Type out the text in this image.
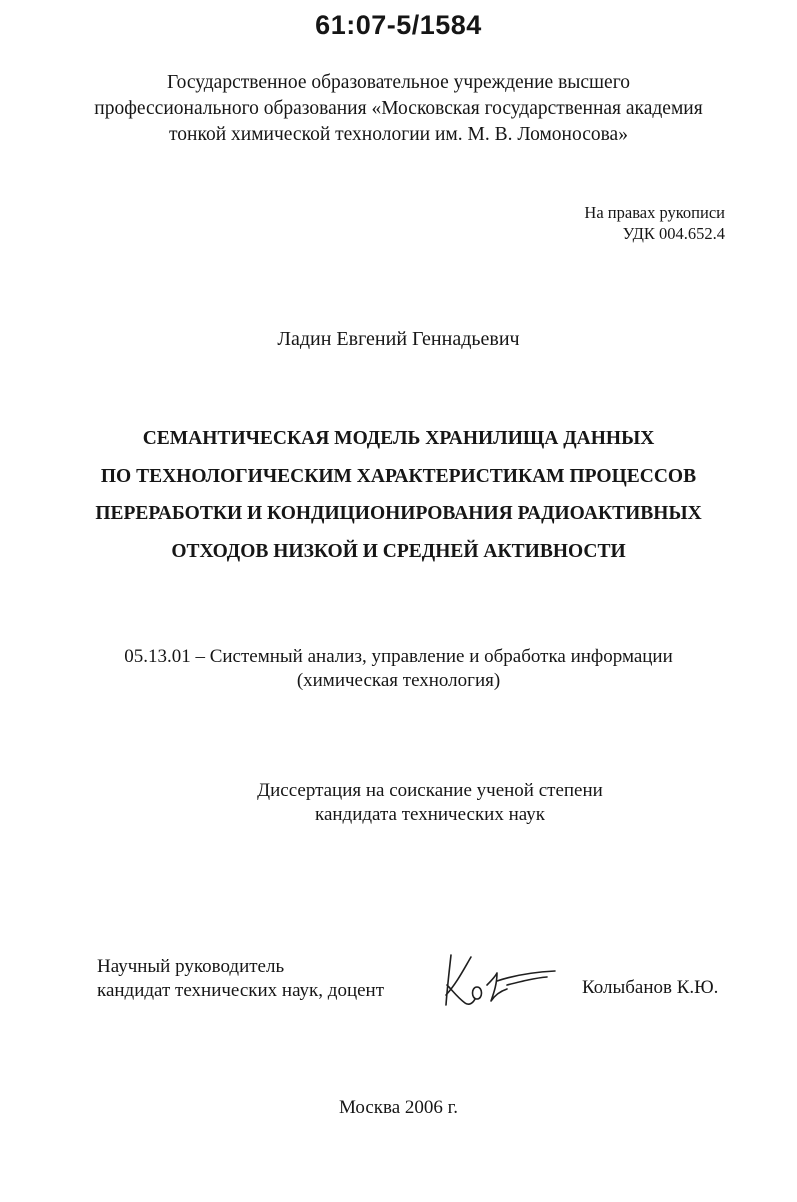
61:07-5/1584
Государственное образовательное учреждение высшего
профессионального образования «Московская государственная академия
тонкой химической технологии им. М. В. Ломоносова»
На правах рукописи
УДК 004.652.4
Ладин Евгений Геннадьевич
СЕМАНТИЧЕСКАЯ МОДЕЛЬ ХРАНИЛИЩА ДАННЫХ
ПО ТЕХНОЛОГИЧЕСКИМ ХАРАКТЕРИСТИКАМ ПРОЦЕССОВ
ПЕРЕРАБОТКИ И КОНДИЦИОНИРОВАНИЯ РАДИОАКТИВНЫХ
ОТХОДОВ НИЗКОЙ И СРЕДНЕЙ АКТИВНОСТИ
05.13.01 – Системный анализ, управление и обработка информации
(химическая технология)
Диссертация на соискание ученой степени
кандидата технических наук
Научный руководитель
кандидат технических наук, доцент	Колыбанов К.Ю.
Москва 2006 г.
